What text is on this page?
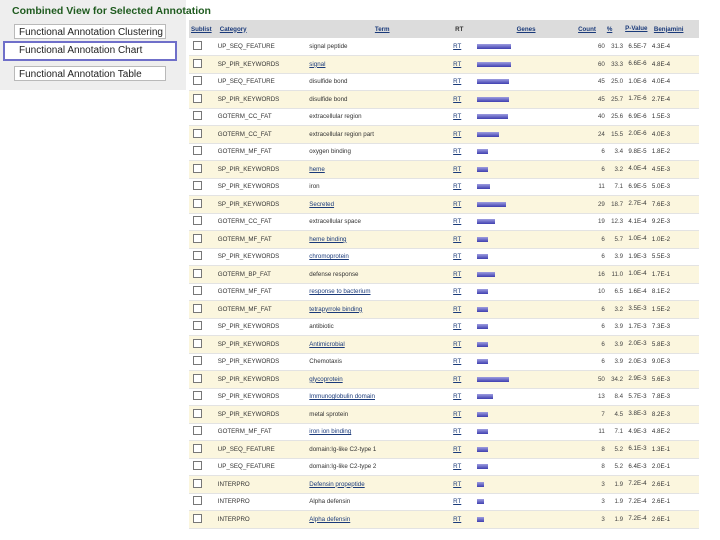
Combined View for Selected Annotation
Functional Annotation Clustering
Functional Annotation Chart
Functional Annotation Table
Sublist	Category	Term	RT	Genes	Count	%	P-Value	Benjamini
	UP_SEQ_FEATURE	signal peptide	RT		60	31.3	6.5E-7	4.3E-4
	SP_PIR_KEYWORDS	signal	RT		60	33.3	6.6E-6	4.8E-4
	UP_SEQ_FEATURE	disulfide bond	RT		45	25.0	1.0E-6	4.0E-4
	SP_PIR_KEYWORDS	disulfide bond	RT		45	25.7	1.7E-6	2.7E-4
	GOTERM_CC_FAT	extracellular region	RT		40	25.6	6.9E-6	1.5E-3
	GOTERM_CC_FAT	extracellular region part	RT		24	15.5	2.0E-6	4.0E-3
	GOTERM_MF_FAT	oxygen binding	RT		6	3.4	9.8E-5	1.8E-2
	SP_PIR_KEYWORDS	heme	RT		6	3.2	4.0E-4	4.5E-3
	SP_PIR_KEYWORDS	iron	RT		11	7.1	6.9E-5	5.0E-3
	SP_PIR_KEYWORDS	Secreted	RT		29	18.7	2.7E-4	7.6E-3
	GOTERM_CC_FAT	extracellular space	RT		19	12.3	4.1E-4	9.2E-3
	GOTERM_MF_FAT	heme binding	RT		6	5.7	1.0E-4	1.0E-2
	SP_PIR_KEYWORDS	chromoprotein	RT		6	3.9	1.9E-3	5.5E-3
	GOTERM_BP_FAT	defense response	RT		16	11.0	1.0E-4	1.7E-1
	GOTERM_MF_FAT	response to bacterium	RT		10	6.5	1.6E-4	8.1E-2
	GOTERM_MF_FAT	tetrapyrrole binding	RT		6	3.2	3.5E-3	1.5E-2
	SP_PIR_KEYWORDS	antibiotic	RT		6	3.9	1.7E-3	7.3E-3
	SP_PIR_KEYWORDS	Antimicrobial	RT		6	3.9	2.0E-3	5.8E-3
	SP_PIR_KEYWORDS	Chemotaxis	RT		6	3.9	2.0E-3	9.0E-3
	SP_PIR_KEYWORDS	glycoprotein	RT		50	34.2	2.9E-3	5.6E-3
	SP_PIR_KEYWORDS	Immunoglobulin domain	RT		13	8.4	5.7E-3	7.8E-3
	SP_PIR_KEYWORDS	metal sprotein	RT		7	4.5	3.8E-3	8.2E-3
	GOTERM_MF_FAT	iron ion binding	RT		11	7.1	4.9E-3	4.8E-2
	UP_SEQ_FEATURE	domain:Ig-like C2-type 1	RT		8	5.2	6.1E-3	1.3E-1
	UP_SEQ_FEATURE	domain:Ig-like C2-type 2	RT		8	5.2	6.4E-3	2.0E-1
	INTERPRO	Defensin propeptide	RT		3	1.9	7.2E-4	2.6E-1
	INTERPRO	Alpha defensin	RT		3	1.9	7.2E-4	2.6E-1
	INTERPRO	Alpha defensin	RT		3	1.9	7.2E-4	2.6E-1
